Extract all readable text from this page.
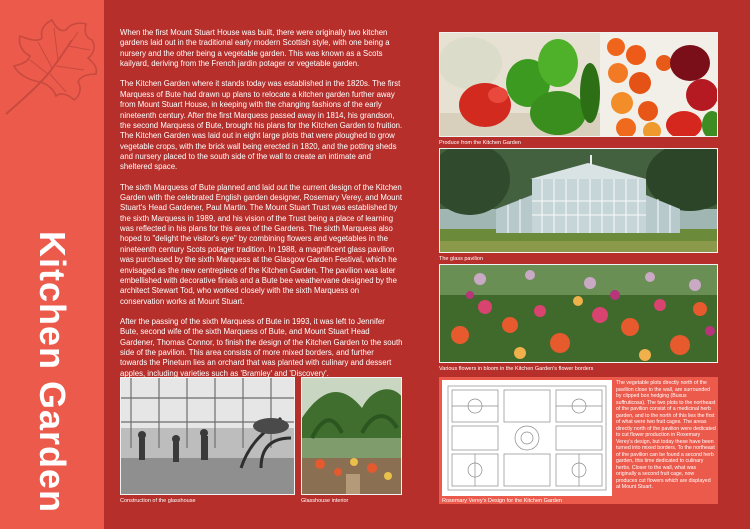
Kitchen Garden

When the first Mount Stuart House was built, there were originally two kitchen gardens laid out in the traditional early modern Scottish style, with one being a nursery and the other being a vegetable garden. This was known as a Scots kailyard, deriving from the French jardin potager or vegetable garden.

The Kitchen Garden where it stands today was established in the 1820s. The first Marquess of Bute had drawn up plans to relocate a kitchen garden further away from Mount Stuart House, in keeping with the changing fashions of the early nineteenth century. After the first Marquess passed away in 1814, his grandson, the second Marquess of Bute, brought his plans for the Kitchen Garden to fruition. The Kitchen Garden was laid out in eight large plots that were ploughed to grow vegetable crops, with the brick wall being erected in 1820, and the potting sheds and nursery placed to the south side of the wall to create an intimate and sheltered space.

The sixth Marquess of Bute planned and laid out the current design of the Kitchen Garden with the celebrated English garden designer, Rosemary Verey, and Mount Stuart's Head Gardener, Paul Martin. The Mount Stuart Trust was established by the sixth Marquess in 1989, and his vision of the Trust being a place of learning was reflected in his plans for this area of the Gardens. The sixth Marquess also hoped to "delight the visitor's eye" by combining flowers and vegetables in the nineteenth century Scots potager tradition. In 1988, a magnificent glass pavilion was purchased by the sixth Marquess at the Glasgow Garden Festival, which he envisaged as the new centrepiece of the Kitchen Garden. The pavilion was later embellished with decorative finials and a Bute bee weathervane designed by the architect Stewart Tod, who worked closely with the sixth Marquess on conservation works at Mount Stuart.

After the passing of the sixth Marquess of Bute in 1993, it was left to Jennifer Bute, second wife of the sixth Marquess of Bute, and Mount Stuart Head Gardener, Thomas Connor, to finish the design of the Kitchen Garden to the south side of the pavilion. This area consists of more mixed borders, and further towards the Pinetum lies an orchard that was planted with culinary and dessert apples, including varieties such as 'Bramley' and 'Discovery'.

Produce from the Kitchen Garden
The glass pavilion
Various flowers in bloom in the Kitchen Garden's flower borders
Construction of the glasshouse	Glasshouse interior	Rosemary Verey's Design for the Kitchen Garden
The vegetable plots directly north of the pavilion close to the wall, are surrounded by clipped box hedging (Buxus suffruticosa). The two plots to the northeast of the pavilion consist of a medicinal herb garden, and to the north of this lies the first of what were two fruit cages. The areas directly north of the pavilion were dedicated to cut flower production in Rosemary Verey's design, but today these have been turned into mixed borders. To the northeast of the pavilion can be found a second herb garden, this time dedicated to culinary herbs. Closer to the wall, what was originally a second fruit cage, now produces cut flowers which are displayed at Mount Stuart.
